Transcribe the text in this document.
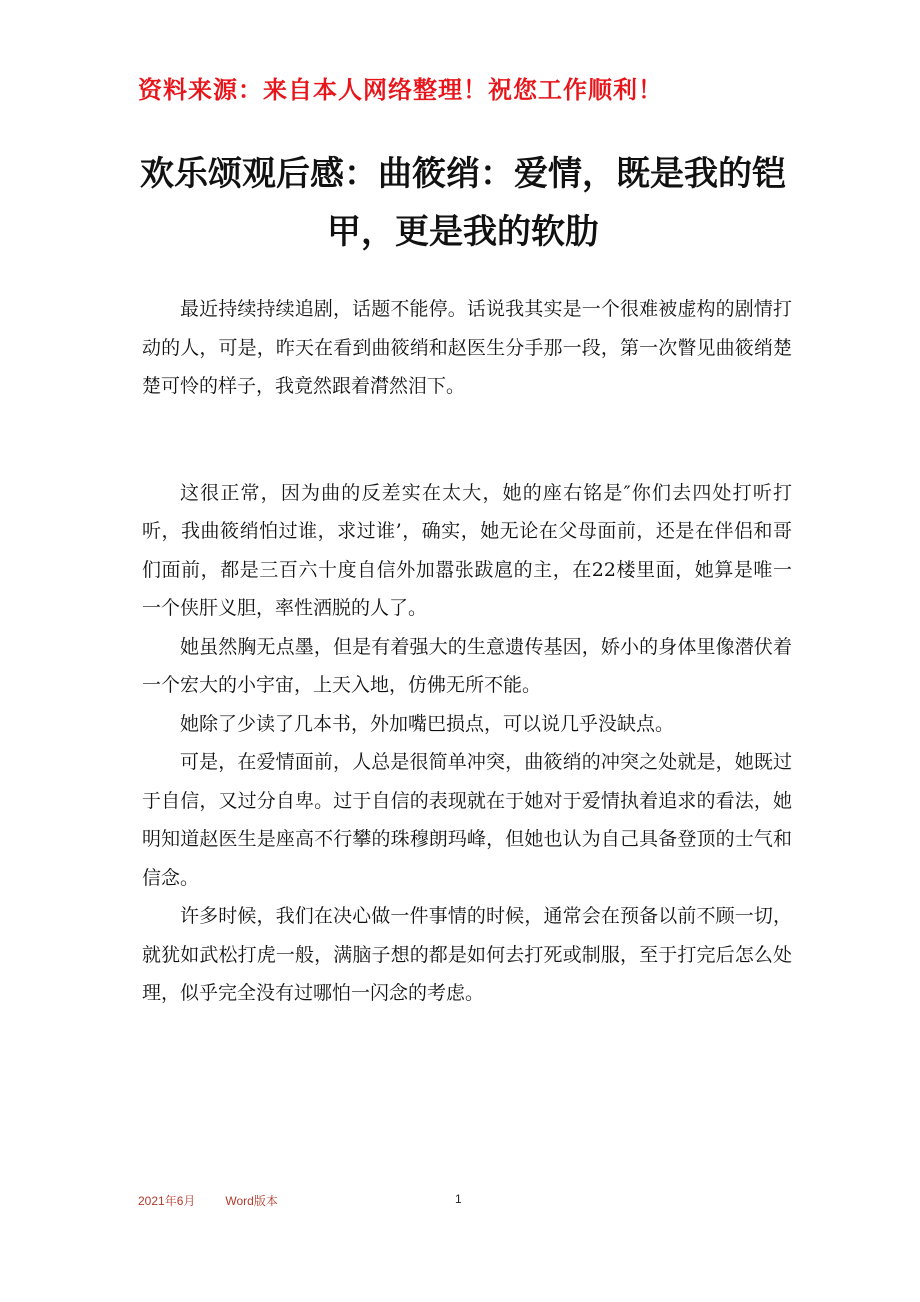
资料来源：来自本人网络整理！祝您工作顺利！
欢乐颂观后感：曲筱绡：爱情，既是我的铠甲，更是我的软肋

最近持续持续追剧，话题不能停。话说我其实是一个很难被虚构的剧情打动的人，可是，昨天在看到曲筱绡和赵医生分手那一段，第一次瞥见曲筱绡楚楚可怜的样子，我竟然跟着潸然泪下。

这很正常，因为曲的反差实在太大，她的座右铭是″你们去四处打听打听，我曲筱绡怕过谁，求过谁’，确实，她无论在父母面前，还是在伴侣和哥们面前，都是三百六十度自信外加嚣张跋扈的主，在22楼里面，她算是唯一一个侠肝义胆，率性洒脱的人了。

她虽然胸无点墨，但是有着强大的生意遗传基因，娇小的身体里像潜伏着一个宏大的小宇宙，上天入地，仿佛无所不能。

她除了少读了几本书，外加嘴巴损点，可以说几乎没缺点。

可是，在爱情面前，人总是很简单冲突，曲筱绡的冲突之处就是，她既过于自信，又过分自卑。过于自信的表现就在于她对于爱情执着追求的看法，她明知道赵医生是座高不行攀的珠穆朗玛峰，但她也认为自己具备登顶的士气和信念。

许多时候，我们在决心做一件事情的时候，通常会在预备以前不顾一切，就犹如武松打虎一般，满脑子想的都是如何去打死或制服，至于打完后怎么处理，似乎完全没有过哪怕一闪念的考虑。

2021年6月	Word版本	1
